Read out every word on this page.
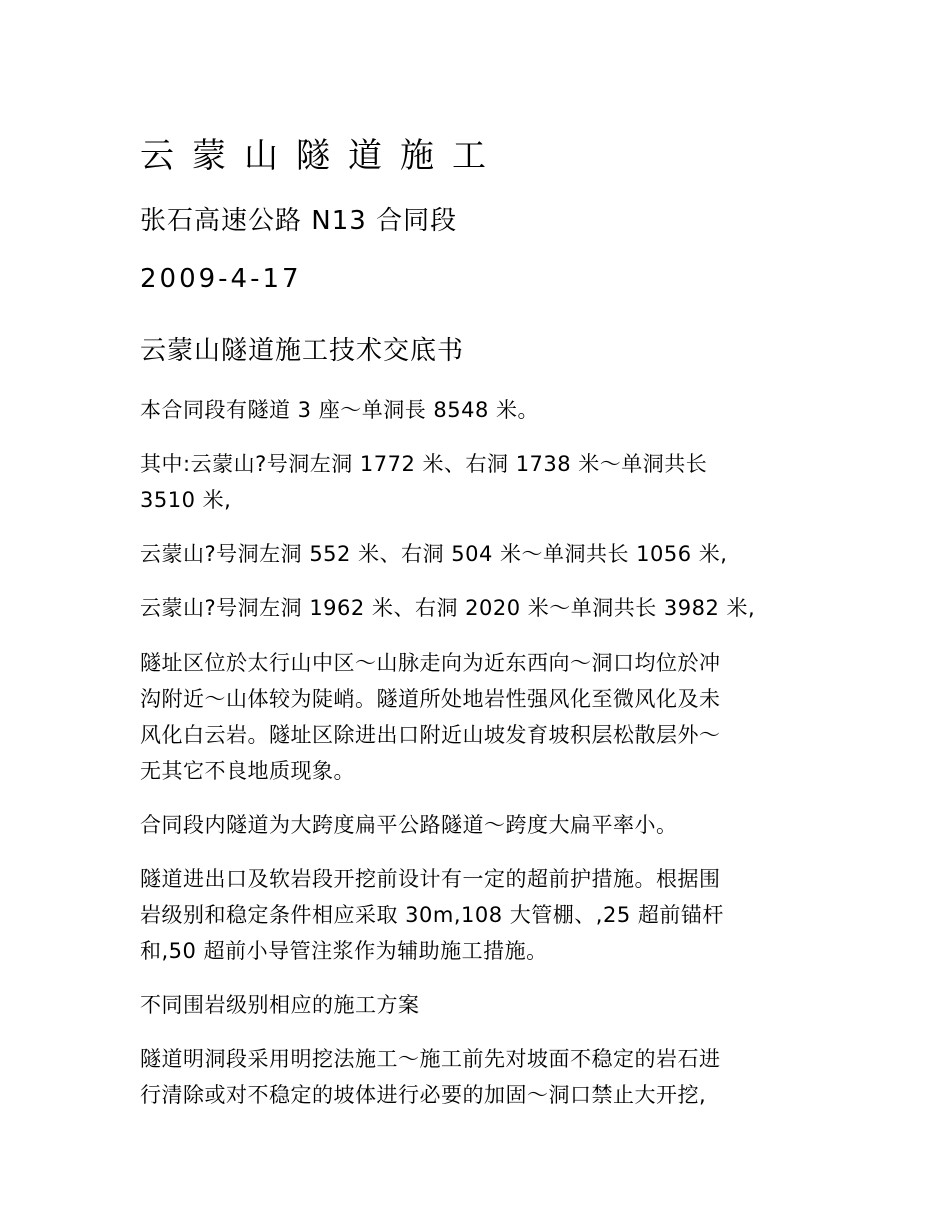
云蒙山隧道施工
张石高速公路 N13 合同段
2009-4-17
云蒙山隧道施工技术交底书
本合同段有隧道 3 座～单洞長 8548 米。
其中:云蒙山?号洞左洞 1772 米、右洞 1738 米～单洞共长
3510 米,
云蒙山?号洞左洞 552 米、右洞 504 米～单洞共长 1056 米,
云蒙山?号洞左洞 1962 米、右洞 2020 米～单洞共长 3982 米,
隧址区位於太行山中区～山脉走向为近东西向～洞口均位於冲
沟附近～山体较为陡峭。隧道所处地岩性强风化至微风化及未
风化白云岩。隧址区除进出口附近山坡发育坡积层松散层外～
无其它不良地质现象。
合同段内隧道为大跨度扁平公路隧道～跨度大扁平率小。
隧道进出口及软岩段开挖前设计有一定的超前护措施。根据围
岩级别和稳定条件相应采取 30m,108 大管棚、,25 超前锚杆
和,50 超前小导管注浆作为辅助施工措施。
不同围岩级别相应的施工方案
隧道明洞段采用明挖法施工～施工前先对坡面不稳定的岩石进
行清除或对不稳定的坡体进行必要的加固～洞口禁止大开挖,
